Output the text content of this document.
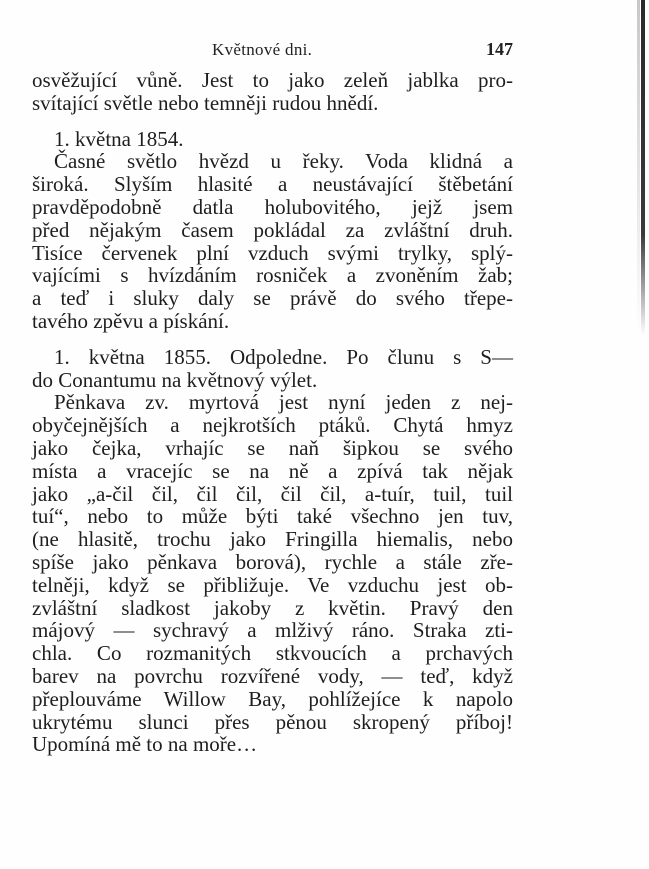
Květnové dni.	147
osvěžující vůně. Jest to jako zeleň jablka pro-
svítající světle nebo temněji rudou hnědí.
1. května 1854.
Časné světlo hvězd u řeky. Voda klidná a
široká. Slyším hlasité a neustávající štěbetání
pravděpodobně datla holubovitého, jejž jsem
před nějakým časem pokládal za zvláštní druh.
Tisíce červenek plní vzduch svými trylky, splý-
vajícími s hvízdáním rosniček a zvoněním žab;
a teď i sluky daly se právě do svého třepe-
tavého zpěvu a pískání.
1. května 1855. Odpoledne. Po člunu s S—
do Conantumu na květnový výlet.
Pěnkava zv. myrtová jest nyní jeden z nej-
obyčejnějších a nejkrotších ptáků. Chytá hmyz
jako čejka, vrhajíc se naň šipkou se svého
místa a vracejíc se na ně a zpívá tak nějak
jako „a-čil čil, čil čil, čil čil, a-tuír, tuil, tuil
tuí“, nebo to může býti také všechno jen tuv,
(ne hlasitě, trochu jako Fringilla hiemalis, nebo
spíše jako pěnkava borová), rychle a stále zře-
telněji, když se přibližuje. Ve vzduchu jest ob-
zvláštní sladkost jakoby z květin. Pravý den
májový — sychravý a mlživý ráno. Straka zti-
chla. Co rozmanitých stkvoucích a prchavých
barev na povrchu rozvířené vody, — teď, když
přeplouváme Willow Bay, pohlížejíce k napolo
ukrytému slunci přes pěnou skropený příboj!
Upomíná mě to na moře…
